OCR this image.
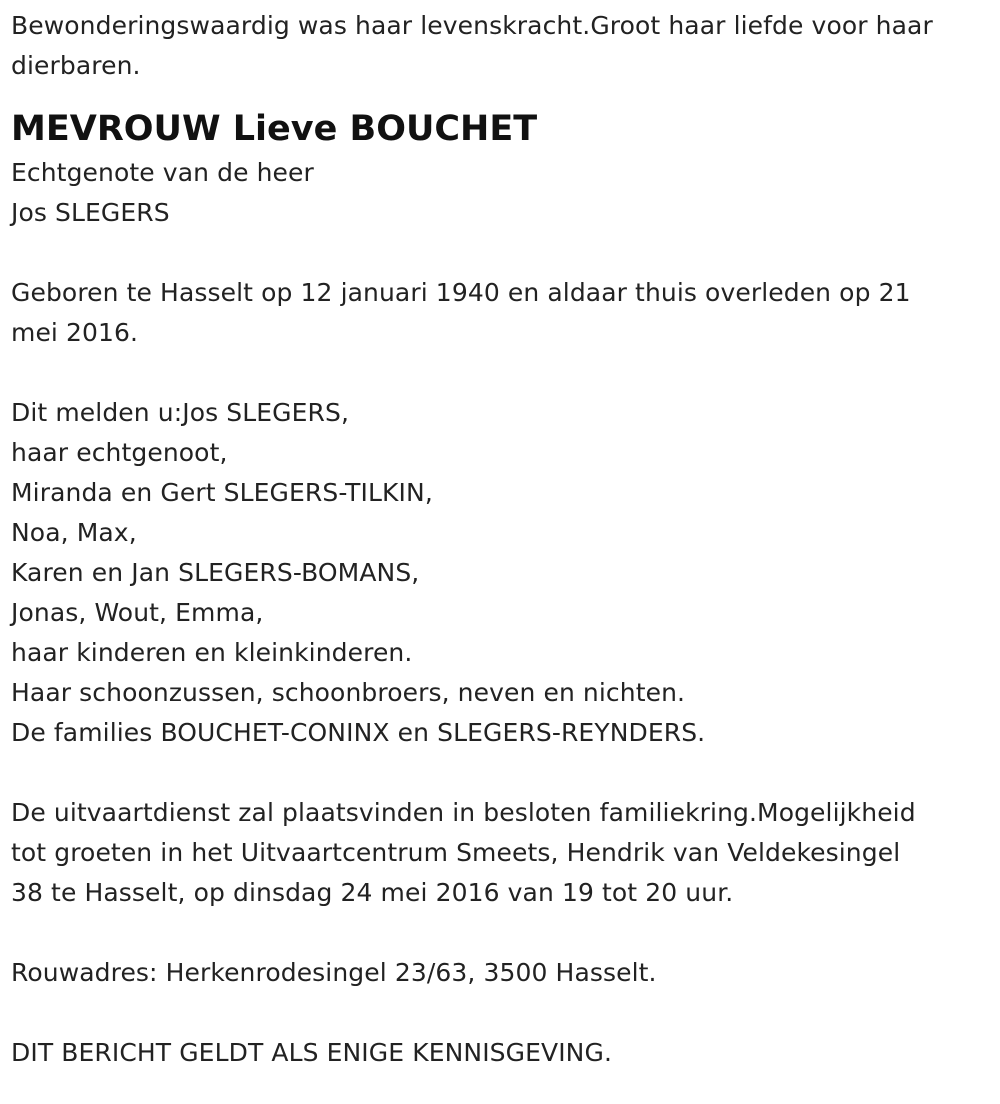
Bewonderingswaardig was haar levenskracht.Groot haar liefde voor haar
dierbaren.
MEVROUW Lieve BOUCHET
Echtgenote van de heer
Jos SLEGERS
Geboren te Hasselt op 12 januari 1940 en aldaar thuis overleden op 21
mei 2016.
Dit melden u:Jos SLEGERS,
haar echtgenoot,
Miranda en Gert SLEGERS-TILKIN,
Noa, Max,
Karen en Jan SLEGERS-BOMANS,
Jonas, Wout, Emma,
haar kinderen en kleinkinderen.
Haar schoonzussen, schoonbroers, neven en nichten.
De families BOUCHET-CONINX en SLEGERS-REYNDERS.
De uitvaartdienst zal plaatsvinden in besloten familiekring.Mogelijkheid
tot groeten in het Uitvaartcentrum Smeets, Hendrik van Veldekesingel
38 te Hasselt, op dinsdag 24 mei 2016 van 19 tot 20 uur.
Rouwadres: Herkenrodesingel 23/63, 3500 Hasselt.
DIT BERICHT GELDT ALS ENIGE KENNISGEVING.
